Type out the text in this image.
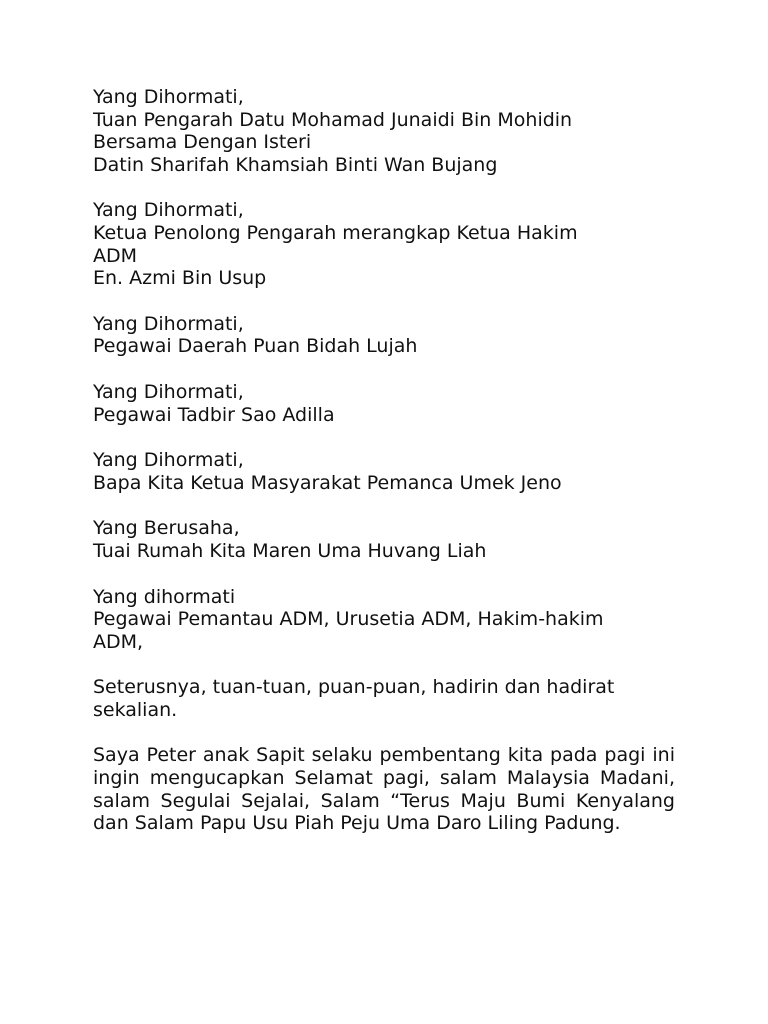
Yang Dihormati,
Tuan Pengarah Datu Mohamad Junaidi Bin Mohidin
Bersama Dengan Isteri
Datin Sharifah Khamsiah Binti Wan Bujang
Yang Dihormati,
Ketua Penolong Pengarah merangkap Ketua Hakim
ADM
En. Azmi Bin Usup
Yang Dihormati,
Pegawai Daerah Puan Bidah Lujah
Yang Dihormati,
Pegawai Tadbir Sao Adilla
Yang Dihormati,
Bapa Kita Ketua Masyarakat Pemanca Umek Jeno
Yang Berusaha,
Tuai Rumah Kita Maren Uma Huvang Liah
Yang dihormati
Pegawai Pemantau ADM, Urusetia ADM, Hakim-hakim
ADM,

Seterusnya, tuan-tuan, puan-puan, hadirin dan hadirat sekalian.

Saya Peter anak Sapit selaku pembentang kita pada pagi ini ingin mengucapkan Selamat pagi, salam Malaysia Madani, salam Segulai Sejalai, Salam “Terus Maju Bumi Kenyalang dan Salam Papu Usu Piah Peju Uma Daro Liling Padung.
